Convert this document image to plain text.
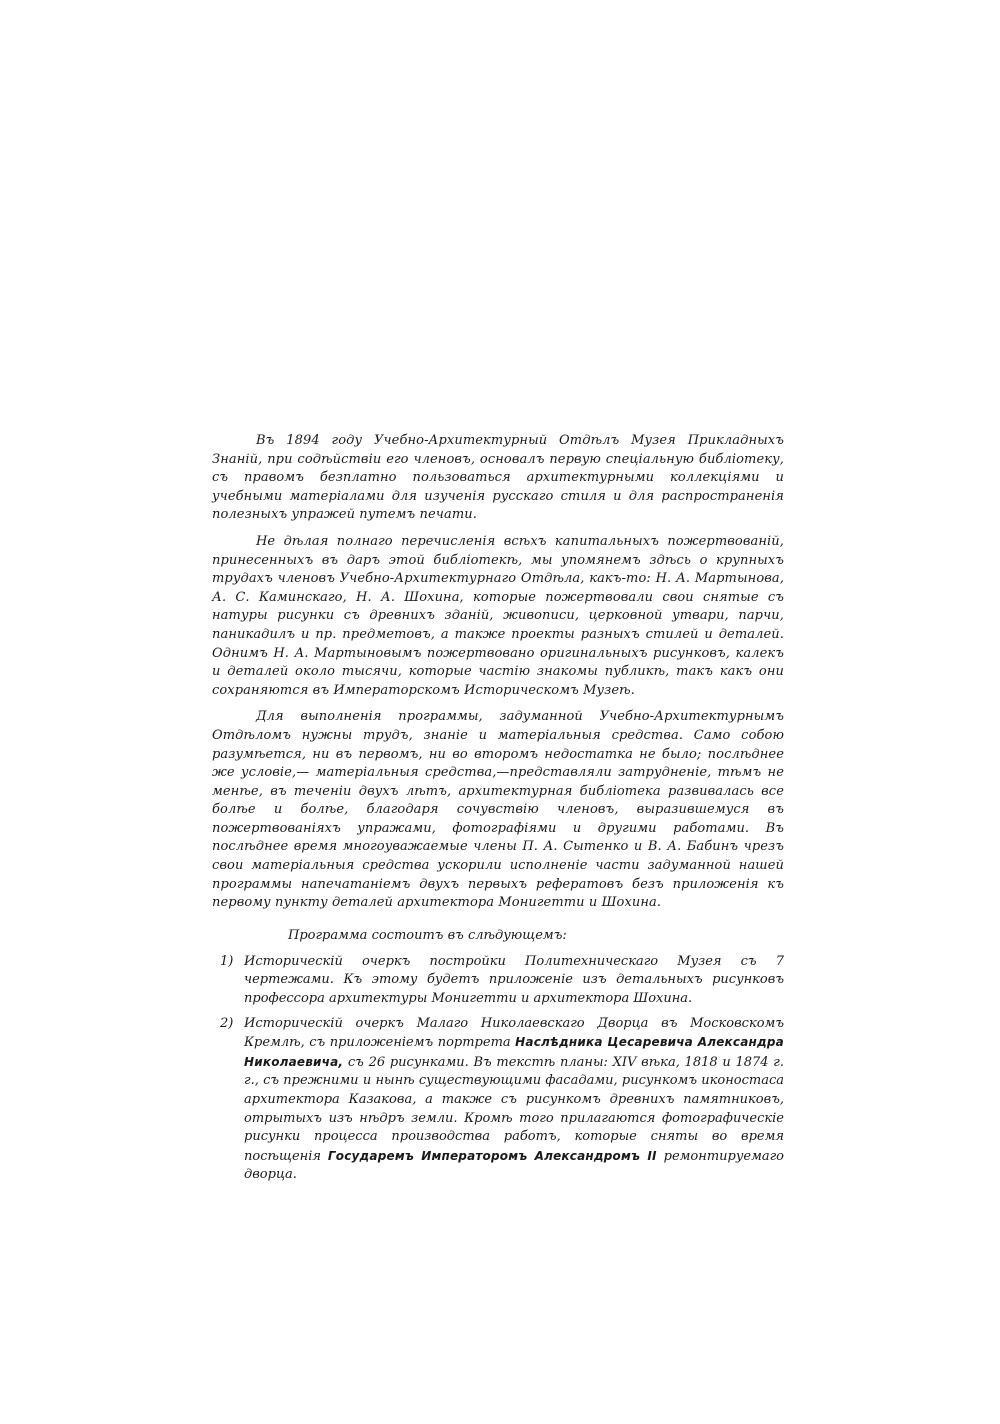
Въ 1894 году Учебно-Архитектурный Отдѣлъ Музея Прикладныхъ Знаній, при содѣйствіи его членовъ, основалъ первую спеціальную библіотеку, съ правомъ безплатно пользоваться архитектурными коллекціями и учебными матеріалами для изученія русскаго стиля и для распространенія полезныхъ упражей путемъ печати.

Не дѣлая полнаго перечисленія всѣхъ капитальныхъ пожертвованій, принесенныхъ въ даръ этой библіотекѣ, мы упомянемъ здѣсь о крупныхъ трудахъ членовъ Учебно-Архитектурнаго Отдѣла, какъ-то: Н. А. Мартынова, А. С. Каминскаго, Н. А. Шохина, которые пожертвовали свои снятые съ натуры рисунки съ древнихъ зданій, живописи, церковной утвари, парчи, паникадилъ и пр. предметовъ, а также проекты разныхъ стилей и деталей. Однимъ Н. А. Мартыновымъ пожертвовано оригинальныхъ рисунковъ, калекъ и деталей около тысячи, которые частію знакомы публикѣ, такъ какъ они сохраняются въ Императорскомъ Историческомъ Музеѣ.

Для выполненія программы, задуманной Учебно-Архитектурнымъ Отдѣломъ нужны трудъ, знаніе и матеріальныя средства. Само собою разумѣется, ни въ первомъ, ни во второмъ недостатка не было; послѣднее же условіе,— матеріальныя средства,—представляли затрудненіе, тѣмъ не менѣе, въ теченіи двухъ лѣтъ, архитектурная библіотека развивалась все болѣе и болѣе, благодаря сочувствію членовъ, выразившемуся въ пожертвованіяхъ упражами, фотографіями и другими работами. Въ послѣднее время многоуважаемые члены П. А. Сытенко и В. А. Бабинъ чрезъ свои матеріальныя средства ускорили исполненіе части задуманной нашей программы напечатаніемъ двухъ первыхъ рефератовъ безъ приложенія къ первому пункту деталей архитектора Монигетти и Шохина.

Программа состоитъ въ слѣдующемъ:
1) Историческій очеркъ постройки Политехническаго Музея съ 7 чертежами. Къ этому будетъ приложеніе изъ детальныхъ рисунковъ профессора архитектуры Монигетти и архитектора Шохина.
2) Историческій очеркъ Малаго Николаевскаго Дворца въ Московскомъ Кремлѣ, съ приложеніемъ портрета Наслѣдника Цесаревича Александра Николаевича, съ 26 рисунками. Въ текстѣ планы: XIV вѣка, 1818 и 1874 г. г., съ прежними и нынѣ существующими фасадами, рисункомъ иконостаса архитектора Казакова, а также съ рисункомъ древнихъ памятниковъ, отрытыхъ изъ нѣдръ земли. Кромѣ того прилагаются фотографическіе рисунки процесса производства работъ, которые сняты во время посѣщенія Государемъ Императоромъ Александромъ II ремонтируемаго дворца.
